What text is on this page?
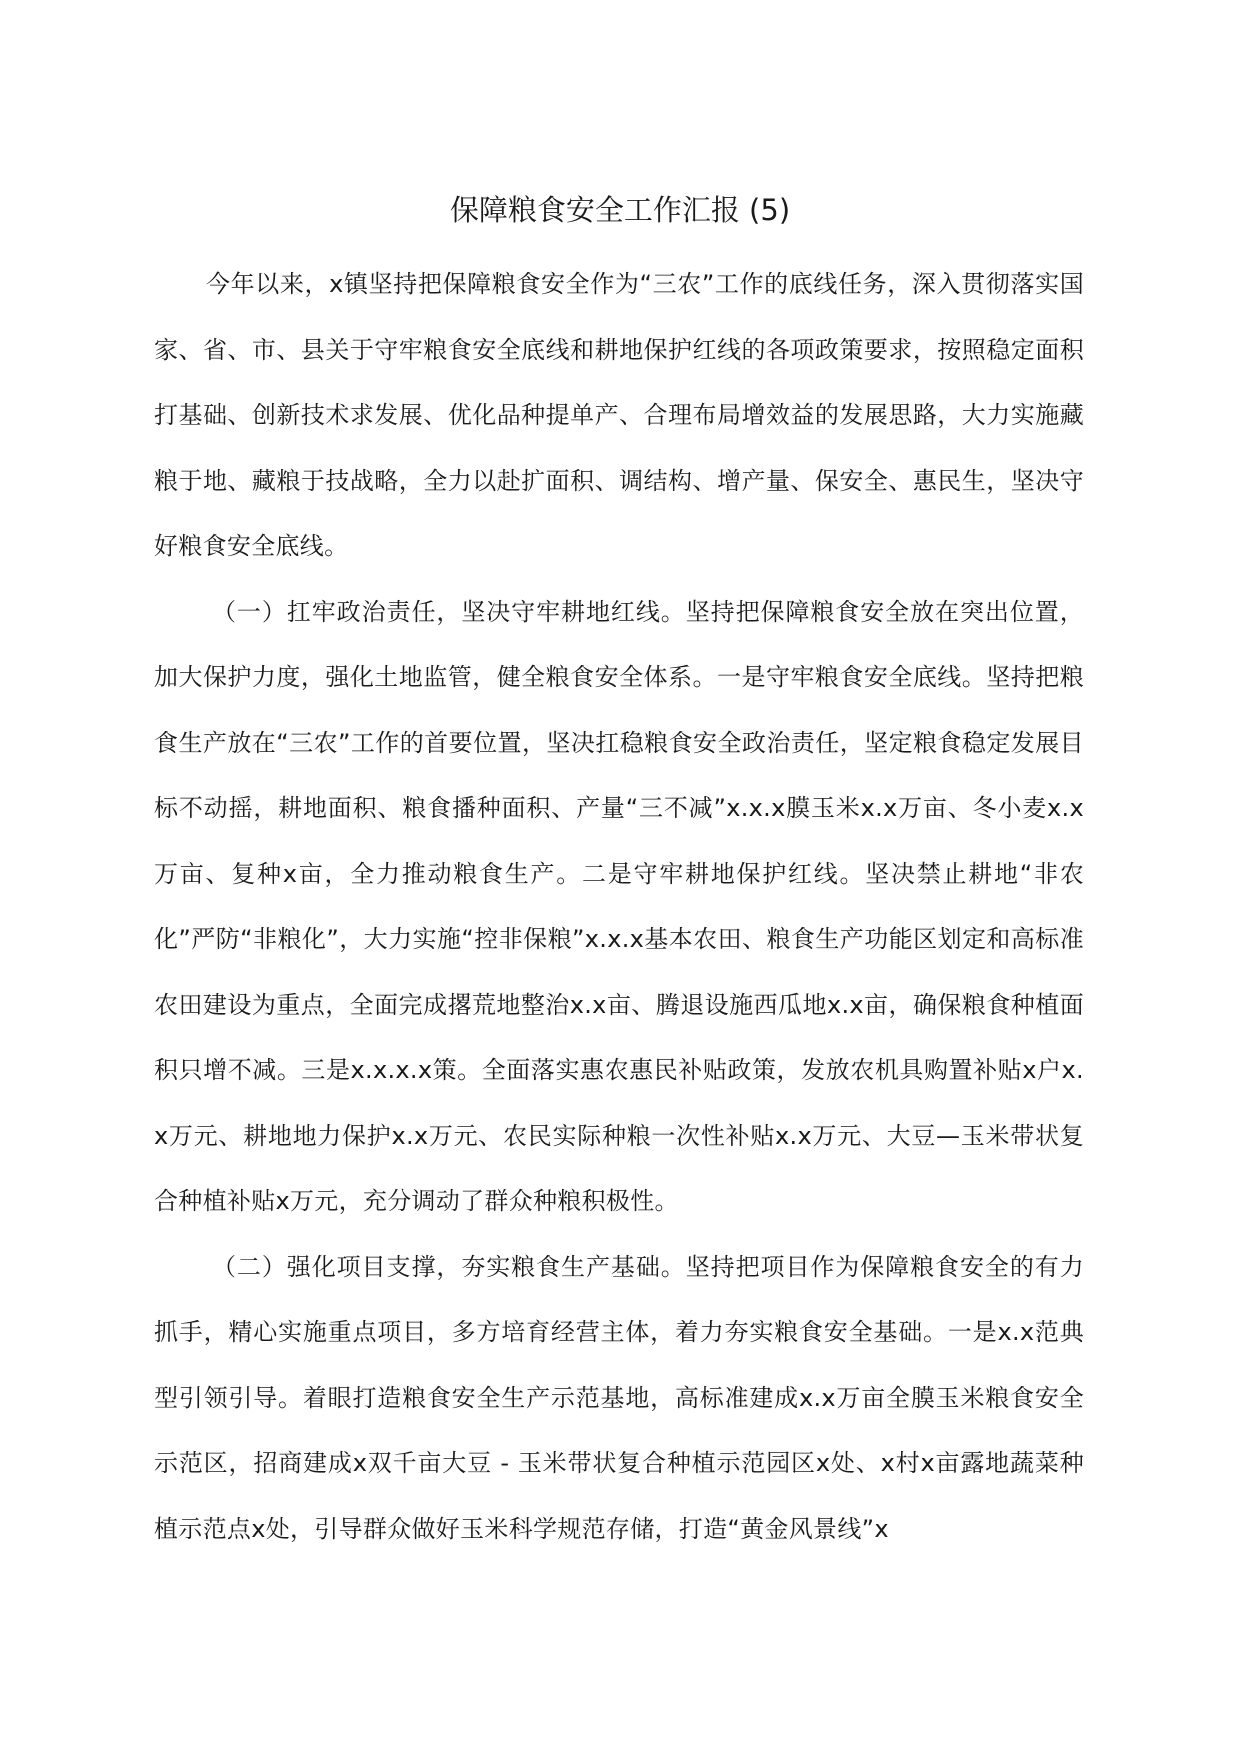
保障粮食安全工作汇报 (5)

今年以来，x镇坚持把保障粮食安全作为“三农”工作的底线任务，深入贯彻落实国家、省、市、县关于守牢粮食安全底线和耕地保护红线的各项政策要求，按照稳定面积打基础、创新技术求发展、优化品种提单产、合理布局增效益的发展思路，大力实施藏粮于地、藏粮于技战略，全力以赴扩面积、调结构、增产量、保安全、惠民生，坚决守好粮食安全底线。

（一）扛牢政治责任，坚决守牢耕地红线。坚持把保障粮食安全放在突出位置，加大保护力度，强化土地监管，健全粮食安全体系。一是守牢粮食安全底线。坚持把粮食生产放在“三农”工作的首要位置，坚决扛稳粮食安全政治责任，坚定粮食稳定发展目标不动摇，耕地面积、粮食播种面积、产量“三不减”x.x.x膜玉米x.x万亩、冬小麦x.x万亩、复种x亩，全力推动粮食生产。二是守牢耕地保护红线。坚决禁止耕地“非农化”严防“非粮化”，大力实施“控非保粮”x.x.x基本农田、粮食生产功能区划定和高标准农田建设为重点，全面完成撂荒地整治x.x亩、腾退设施西瓜地x.x亩，确保粮食种植面积只增不减。三是x.x.x.x策。全面落实惠农惠民补贴政策，发放农机具购置补贴x户x.x万元、耕地地力保护x.x万元、农民实际种粮一次性补贴x.x万元、大豆—玉米带状复合种植补贴x万元，充分调动了群众种粮积极性。

（二）强化项目支撑，夯实粮食生产基础。坚持把项目作为保障粮食安全的有力抓手，精心实施重点项目，多方培育经营主体，着力夯实粮食安全基础。一是x.x范典型引领引导。着眼打造粮食安全生产示范基地，高标准建成x.x万亩全膜玉米粮食安全示范区，招商建成x双千亩大豆 - 玉米带状复合种植示范园区x处、x村x亩露地蔬菜种植示范点x处，引导群众做好玉米科学规范存储，打造“黄金风景线”x
